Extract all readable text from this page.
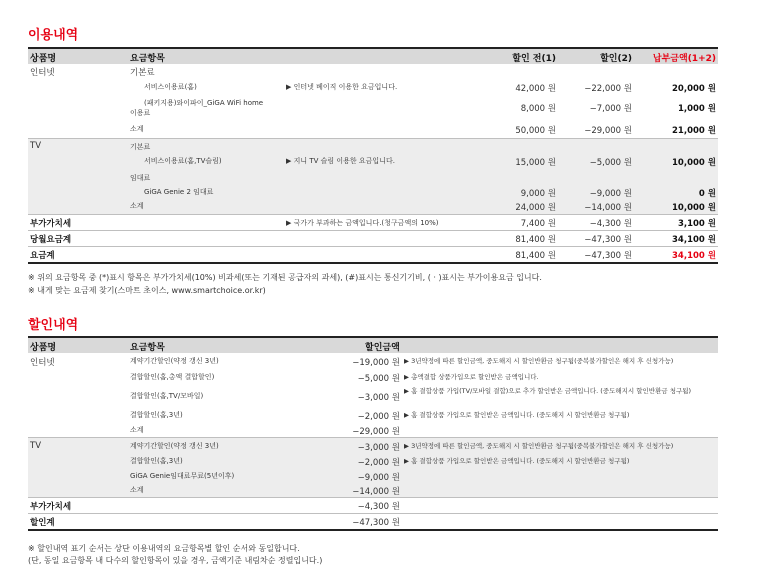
이용내역
상품명	요금항목	할인 전(1)	할인(2) 납부금액(1+2)
인터넷	기본료
서비스이용료(홈)	▶ 인터넷 베이직 이용한 요금입니다.	42,000 원	−22,000 원	20,000 원
(패키지용)와이파이_GiGA WiFi home
이용료	8,000 원	−7,000 원	1,000 원
소계	50,000 원	−29,000 원	21,000 원
TV	기본료
서비스이용료(홈,TV슬림)	▶ 지니 TV 슬림 이용한 요금입니다.	15,000 원	−5,000 원	10,000 원
임대료
GiGA Genie 2 임대료	9,000 원	−9,000 원	0 원
소계	24,000 원	−14,000 원	10,000 원
부가가치세	▶ 국가가 부과하는 금액입니다.(청구금액의 10%)	7,400 원	−4,300 원	3,100 원
당월요금계	81,400 원	−47,300 원	34,100 원
요금계	81,400 원	−47,300 원	34,100 원
※ 위의 요금항목 중 (*)표시 항목은 부가가치세(10%) 비과세(또는 기재된 공급자의 과세), (#)표시는 통신기기비, ( · )표시는 부가이용요금 입니다.
※ 내게 맞는 요금제 찾기(스마트 초이스, www.smartchoice.or.kr)
할인내역
상품명	요금항목	할인금액
인터넷	계약기간할인(약정 갱신 3년)	−19,000 원 ▶ 3년약정에 따른 할인금액, 중도해지 시 할인반환금 청구됨(중복불가할인은 해지 후 신청가능)
결합할인(홈,총액 결합할인)	−5,000 원 ▶ 총액결합 상품가입으로 할인받은 금액입니다.
결합할인(홈,TV/모바일)	−3,000 원
▶ 홈 결합상품 가입(TV/모바일 결합)으로 추가 할인받은 금액입니다. (중도해지시 할인반환금 청구됨)
결합할인(홈,3년)	−2,000 원 ▶ 홈 결합상품 가입으로 할인받은 금액입니다. (중도해지 시 할인반환금 청구됨)
소계	−29,000 원
TV	계약기간할인(약정 갱신 3년)	−3,000 원 ▶ 3년약정에 따른 할인금액, 중도해지 시 할인반환금 청구됨(중복불가할인은 해지 후 신청가능)
결합할인(홈,3년)	−2,000 원 ▶ 홈 결합상품 가입으로 할인받은 금액입니다. (중도해지 시 할인반환금 청구됨)
GiGA Genie임대료무료(5년이후)	−9,000 원
소계	−14,000 원
부가가치세	−4,300 원
할인계	−47,300 원
※ 할인내역 표기 순서는 상단 이용내역의 요금항목별 할인 순서와 동일합니다.
(단, 동일 요금항목 내 다수의 할인항목이 있을 경우, 금액기준 내림차순 정렬입니다.)
